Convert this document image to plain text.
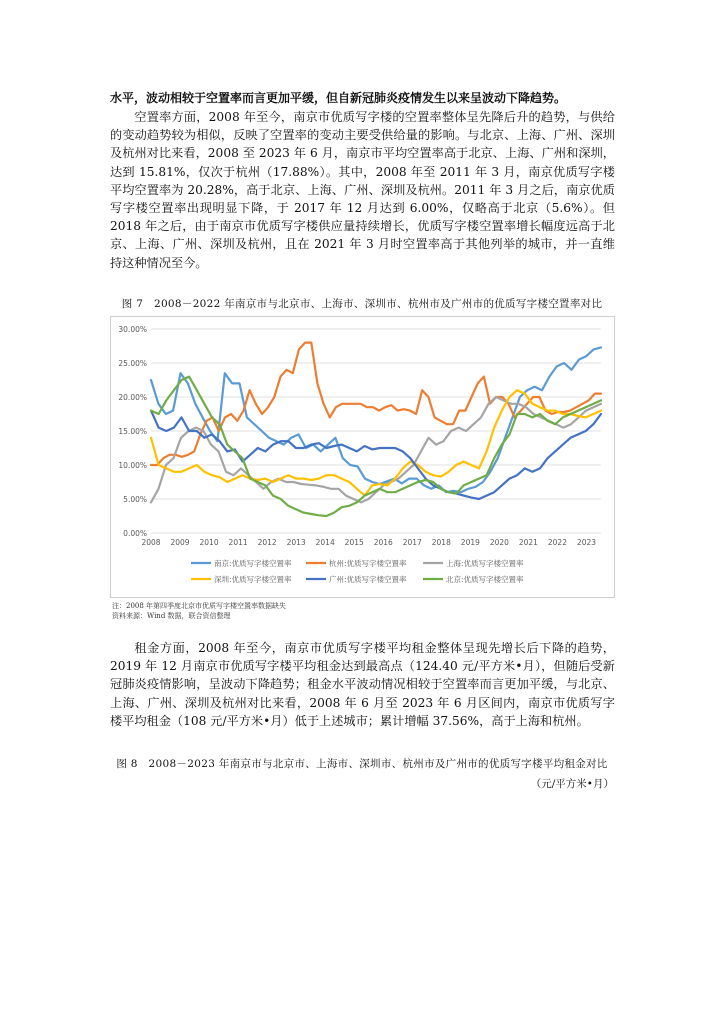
水平，波动相较于空置率而言更加平缓，但自新冠肺炎疫情发生以来呈波动下降趋势。

空置率方面，2008 年至今，南京市优质写字楼的空置率整体呈先降后升的趋势，与供给的变动趋势较为相似，反映了空置率的变动主要受供给量的影响。与北京、上海、广州、深圳及杭州对比来看，2008 至 2023 年 6 月，南京市平均空置率高于北京、上海、广州和深圳，达到 15.81%，仅次于杭州（17.88%）。其中，2008 年至 2011 年 3 月，南京优质写字楼平均空置率为 20.28%，高于北京、上海、广州、深圳及杭州。2011 年 3 月之后，南京优质写字楼空置率出现明显下降，于 2017 年 12 月达到 6.00%，仅略高于北京（5.6%）。但 2018 年之后，由于南京市优质写字楼供应量持续增长，优质写字楼空置率增长幅度远高于北京、上海、广州、深圳及杭州，且在 2021 年 3 月时空置率高于其他列举的城市，并一直维持这种情况至今。

图 7　2008－2022 年南京市与北京市、上海市、深圳市、杭州市及广州市的优质写字楼空置率对比
0.00%
5.00%
10.00%
15.00%
20.00%
25.00%
30.00%
2008 2009 2010 2011 2012 2013 2014 2015 2016 2017 2018 2019 2020 2021 2022 2023
南京:优质写字楼空置率	杭州:优质写字楼空置率	上海:优质写字楼空置率
深圳:优质写字楼空置率	广州:优质写字楼空置率	北京:优质写字楼空置率
注：2008 年第四季度北京市优质写字楼空置率数据缺失
资料来源：Wind 数据，联合资信整理

租金方面，2008 年至今，南京市优质写字楼平均租金整体呈现先增长后下降的趋势，2019 年 12 月南京市优质写字楼平均租金达到最高点（124.40 元/平方米•月），但随后受新冠肺炎疫情影响，呈波动下降趋势；租金水平波动情况相较于空置率而言更加平缓，与北京、上海、广州、深圳及杭州对比来看，2008 年 6 月至 2023 年 6 月区间内，南京市优质写字楼平均租金（108 元/平方米•月）低于上述城市；累计增幅 37.56%，高于上海和杭州。

图 8　2008－2023 年南京市与北京市、上海市、深圳市、杭州市及广州市的优质写字楼平均租金对比
（元/平方米•月）
